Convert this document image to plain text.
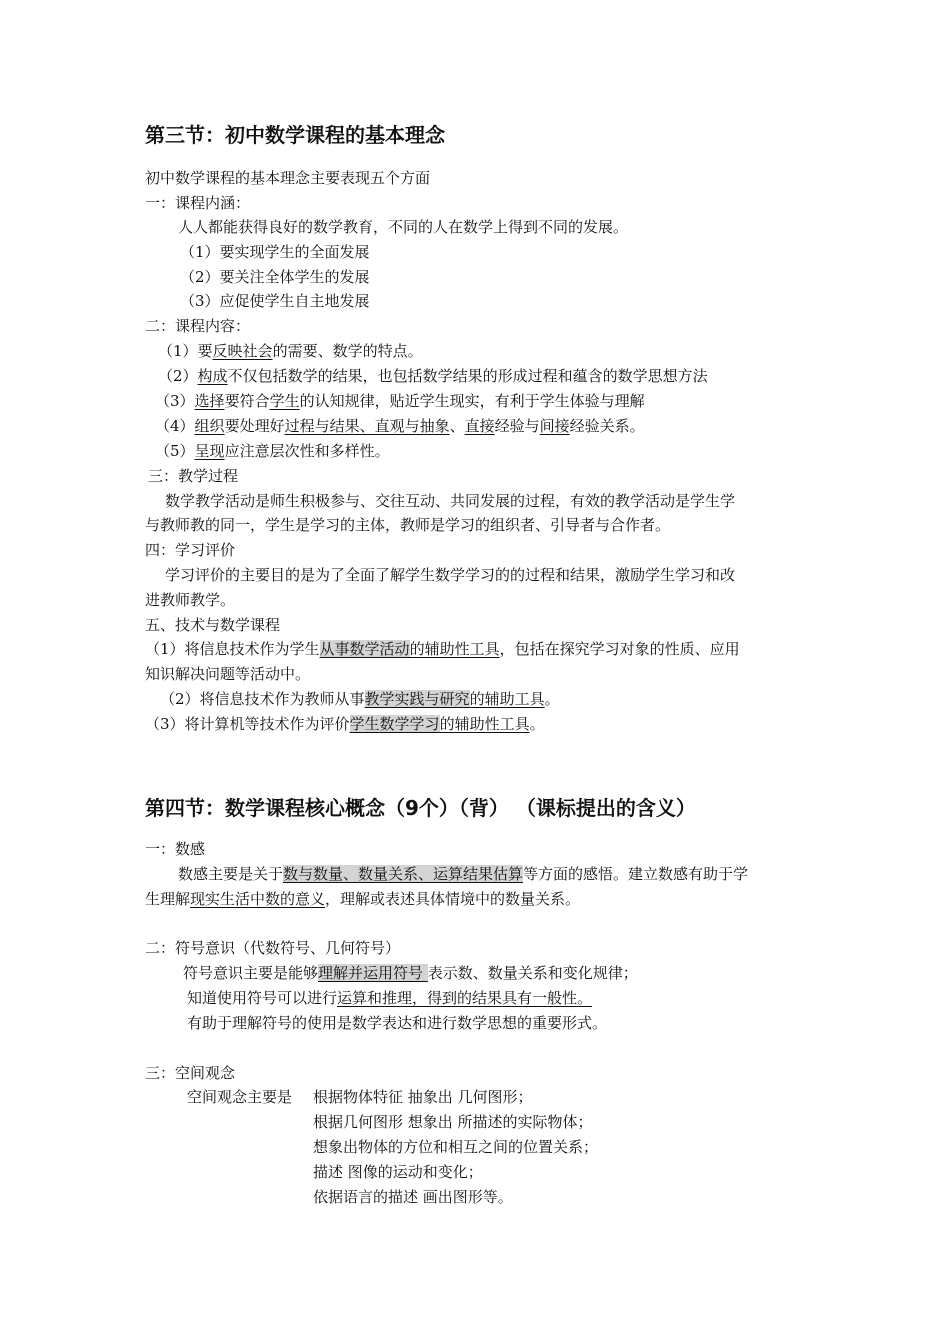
第三节：初中数学课程的基本理念
初中数学课程的基本理念主要表现五个方面
一：课程内涵：
人人都能获得良好的数学教育，不同的人在数学上得到不同的发展。
（1）要实现学生的全面发展
（2）要关注全体学生的发展
（3）应促使学生自主地发展
二：课程内容：
（1）要反映社会的需要、数学的特点。
（2）构成不仅包括数学的结果，也包括数学结果的形成过程和蕴含的数学思想方法
（3）选择要符合学生的认知规律，贴近学生现实，有利于学生体验与理解
（4）组织要处理好过程与结果、直观与抽象、直接经验与间接经验关系。
（5）呈现应注意层次性和多样性。
三：教学过程
数学教学活动是师生积极参与、交往互动、共同发展的过程，有效的教学活动是学生学
与教师教的同一，学生是学习的主体，教师是学习的组织者、引导者与合作者。
四：学习评价
学习评价的主要目的是为了全面了解学生数学学习的的过程和结果，激励学生学习和改
进教师教学。
五、技术与数学课程
（1）将信息技术作为学生从事数学活动的辅助性工具，包括在探究学习对象的性质、应用
知识解决问题等活动中。
（2）将信息技术作为教师从事教学实践与研究的辅助工具。
（3）将计算机等技术作为评价学生数学学习的辅助性工具。
第四节：数学课程核心概念（9个）（背） （课标提出的含义）
一：数感
数感主要是关于数与数量、数量关系、运算结果估算等方面的感悟。建立数感有助于学
生理解现实生活中数的意义，理解或表述具体情境中的数量关系。
二：符号意识（代数符号、几何符号）
符号意识主要是能够理解并运用符号 表示数、数量关系和变化规律；
知道使用符号可以进行运算和推理，得到的结果具有一般性。
有助于理解符号的使用是数学表达和进行数学思想的重要形式。
三：空间观念
空间观念主要是 根据物体特征 抽象出 几何图形；
根据几何图形 想象出 所描述的实际物体；
想象出物体的方位和相互之间的位置关系；
描述 图像的运动和变化；
依据语言的描述 画出图形等。
